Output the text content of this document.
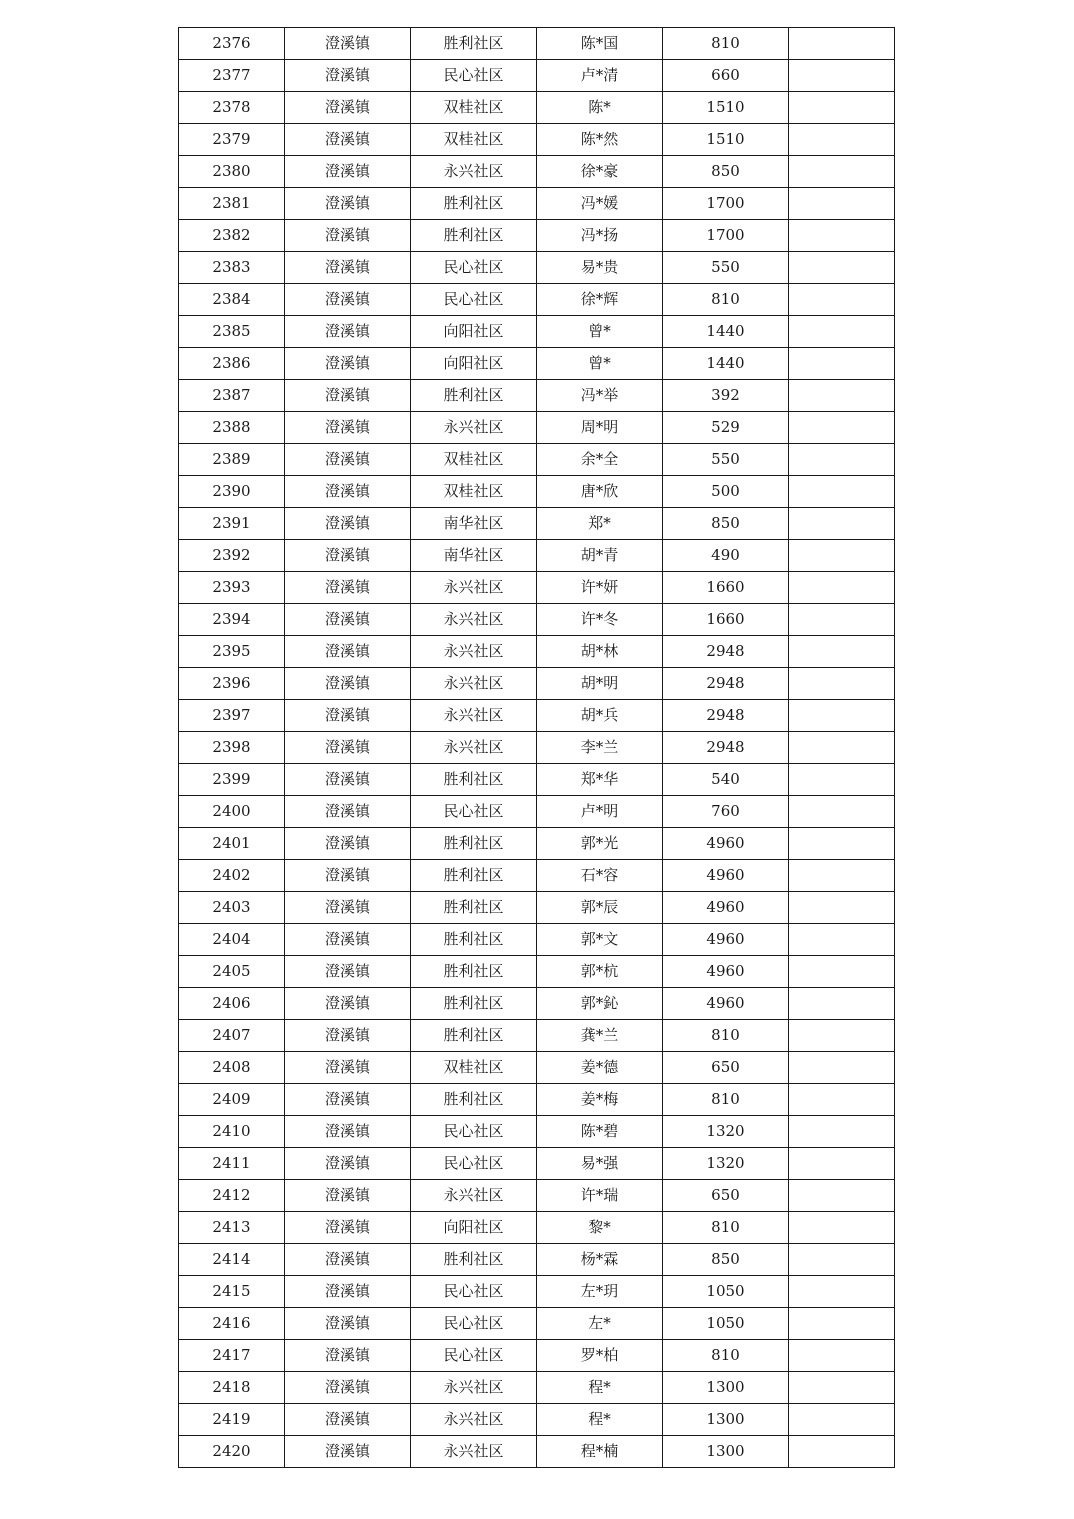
2376	澄溪镇	胜利社区	陈*国	810	
2377	澄溪镇	民心社区	卢*清	660	
2378	澄溪镇	双桂社区	陈*	1510	
2379	澄溪镇	双桂社区	陈*然	1510	
2380	澄溪镇	永兴社区	徐*豪	850	
2381	澄溪镇	胜利社区	冯*媛	1700	
2382	澄溪镇	胜利社区	冯*扬	1700	
2383	澄溪镇	民心社区	易*贵	550	
2384	澄溪镇	民心社区	徐*辉	810	
2385	澄溪镇	向阳社区	曾*	1440	
2386	澄溪镇	向阳社区	曾*	1440	
2387	澄溪镇	胜利社区	冯*举	392	
2388	澄溪镇	永兴社区	周*明	529	
2389	澄溪镇	双桂社区	余*全	550	
2390	澄溪镇	双桂社区	唐*欣	500	
2391	澄溪镇	南华社区	郑*	850	
2392	澄溪镇	南华社区	胡*青	490	
2393	澄溪镇	永兴社区	许*妍	1660	
2394	澄溪镇	永兴社区	许*冬	1660	
2395	澄溪镇	永兴社区	胡*林	2948	
2396	澄溪镇	永兴社区	胡*明	2948	
2397	澄溪镇	永兴社区	胡*兵	2948	
2398	澄溪镇	永兴社区	李*兰	2948	
2399	澄溪镇	胜利社区	郑*华	540	
2400	澄溪镇	民心社区	卢*明	760	
2401	澄溪镇	胜利社区	郭*光	4960	
2402	澄溪镇	胜利社区	石*容	4960	
2403	澄溪镇	胜利社区	郭*辰	4960	
2404	澄溪镇	胜利社区	郭*文	4960	
2405	澄溪镇	胜利社区	郭*杭	4960	
2406	澄溪镇	胜利社区	郭*鈊	4960	
2407	澄溪镇	胜利社区	龚*兰	810	
2408	澄溪镇	双桂社区	姜*德	650	
2409	澄溪镇	胜利社区	姜*梅	810	
2410	澄溪镇	民心社区	陈*碧	1320	
2411	澄溪镇	民心社区	易*强	1320	
2412	澄溪镇	永兴社区	许*瑞	650	
2413	澄溪镇	向阳社区	黎*	810	
2414	澄溪镇	胜利社区	杨*霖	850	
2415	澄溪镇	民心社区	左*玥	1050	
2416	澄溪镇	民心社区	左*	1050	
2417	澄溪镇	民心社区	罗*柏	810	
2418	澄溪镇	永兴社区	程*	1300	
2419	澄溪镇	永兴社区	程*	1300	
2420	澄溪镇	永兴社区	程*楠	1300	
